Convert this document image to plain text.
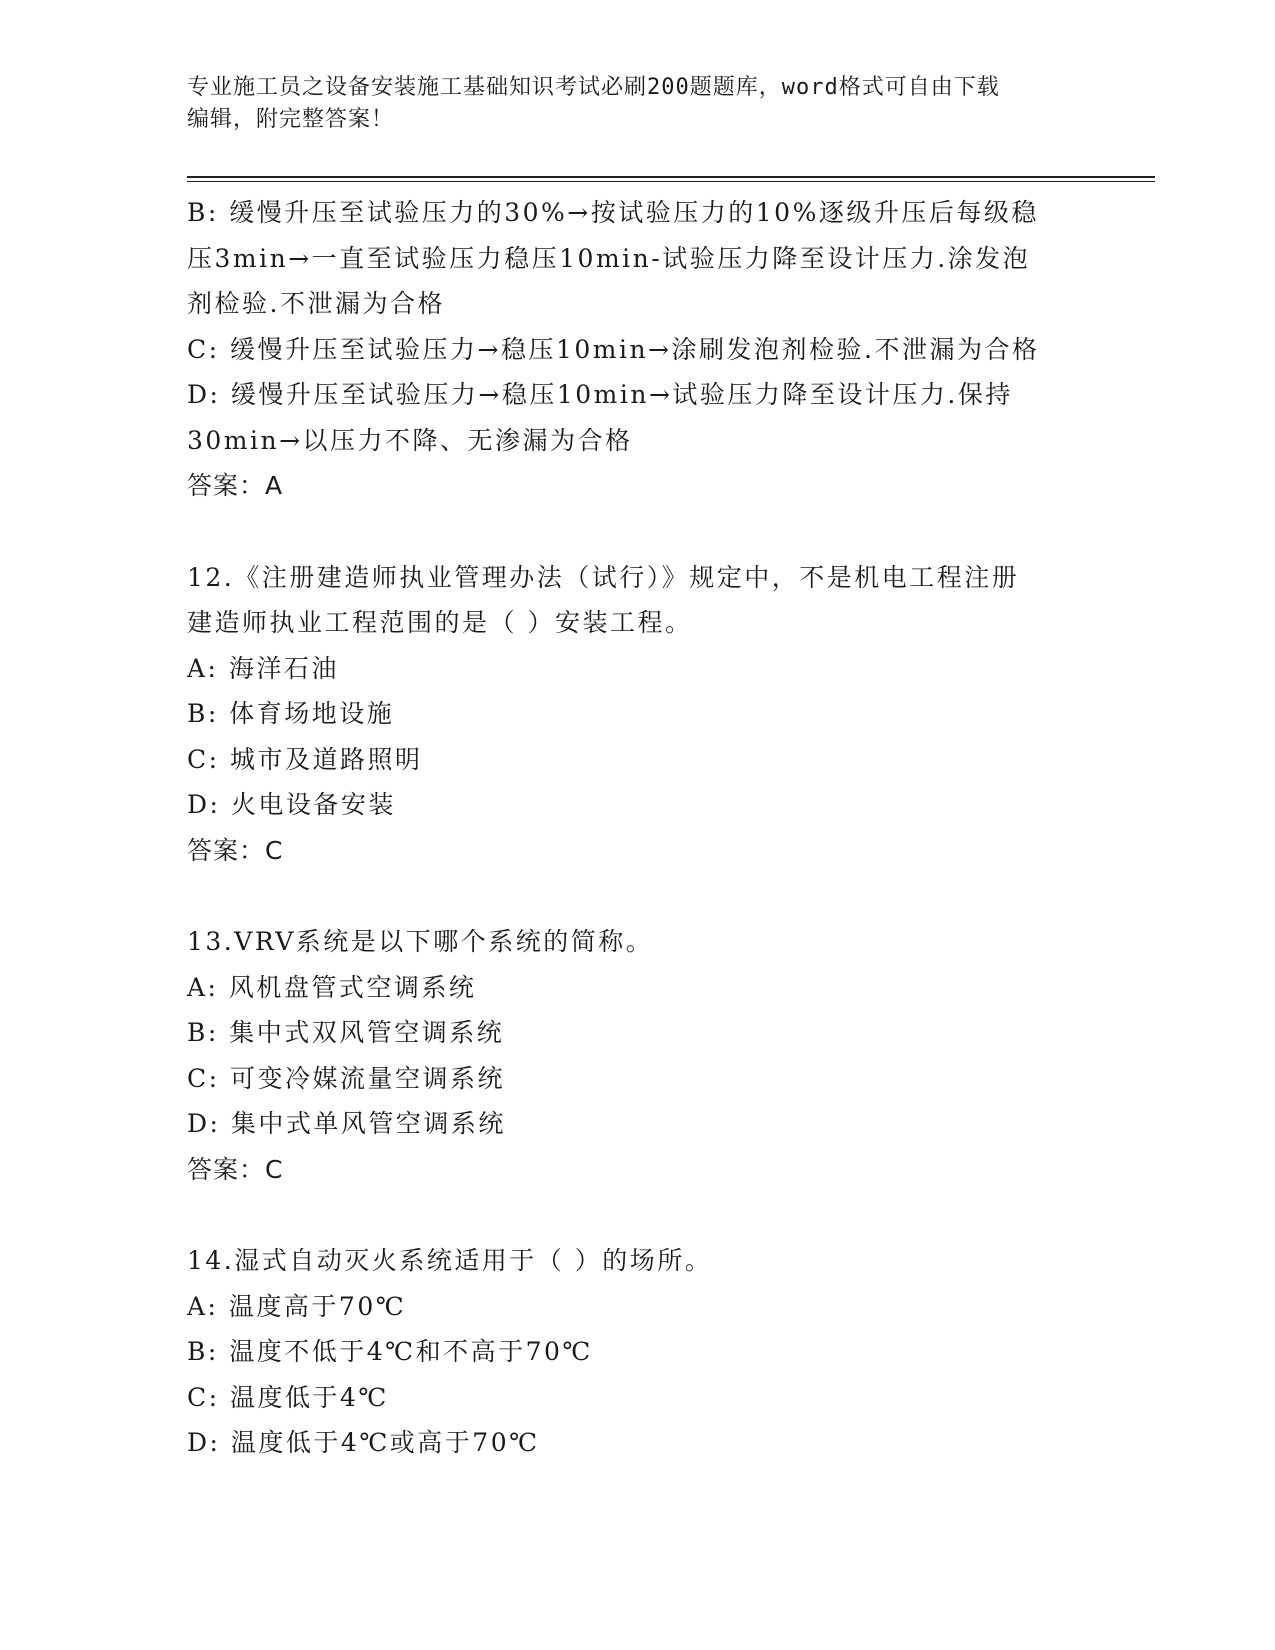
专业施工员之设备安装施工基础知识考试必刷200题题库，word格式可自由下载
编辑，附完整答案！
B: 缓慢升压至试验压力的30%→按试验压力的10%逐级升压后每级稳
压3min→一直至试验压力稳压10min-试验压力降至设计压力.涂发泡
剂检验.不泄漏为合格
C: 缓慢升压至试验压力→稳压10min→涂刷发泡剂检验.不泄漏为合格
D: 缓慢升压至试验压力→稳压10min→试验压力降至设计压力.保持
30min→以压力不降、无渗漏为合格
答案：A
12.《注册建造师执业管理办法（试行）》规定中，不是机电工程注册
建造师执业工程范围的是（ ）安装工程。
A: 海洋石油
B: 体育场地设施
C: 城市及道路照明
D: 火电设备安装
答案：C
13.VRV系统是以下哪个系统的简称。
A: 风机盘管式空调系统
B: 集中式双风管空调系统
C: 可变冷媒流量空调系统
D: 集中式单风管空调系统
答案：C
14.湿式自动灭火系统适用于（ ）的场所。
A: 温度高于70℃
B: 温度不低于4℃和不高于70℃
C: 温度低于4℃
D: 温度低于4℃或高于70℃
